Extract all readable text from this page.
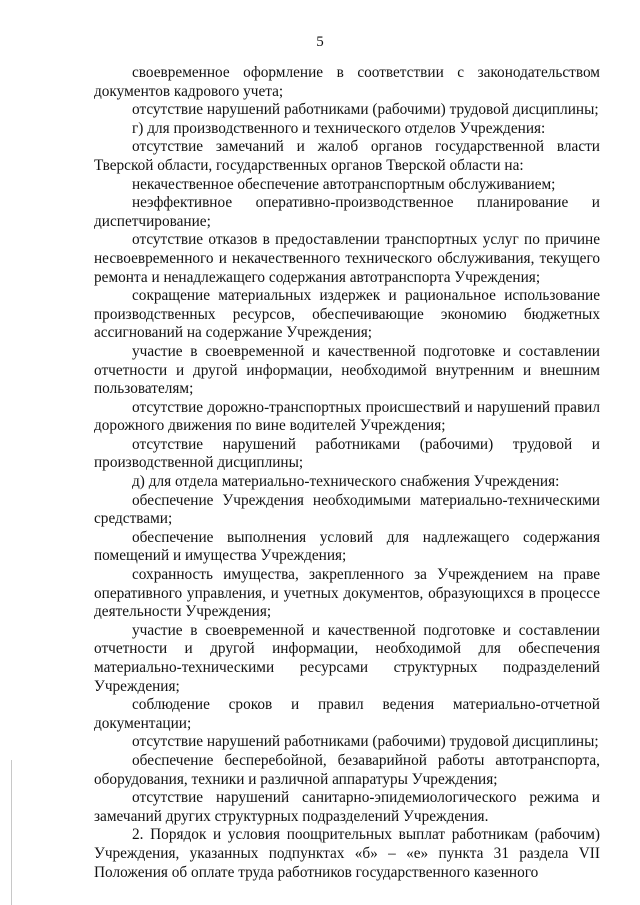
5

своевременное оформление в соответствии с законодательством документов кадрового учета;

отсутствие нарушений работниками (рабочими) трудовой дисциплины;

г) для производственного и технического отделов Учреждения:

отсутствие замечаний и жалоб органов государственной власти Тверской области, государственных органов Тверской области на:

некачественное обеспечение автотранспортным обслуживанием;

неэффективное оперативно-производственное планирование и диспетчирование;

отсутствие отказов в предоставлении транспортных услуг по причине несвоевременного и некачественного технического обслуживания, текущего ремонта и ненадлежащего содержания автотранспорта Учреждения;

сокращение материальных издержек и рациональное использование производственных ресурсов, обеспечивающие экономию бюджетных ассигнований на содержание Учреждения;

участие в своевременной и качественной подготовке и составлении отчетности и другой информации, необходимой внутренним и внешним пользователям;

отсутствие дорожно-транспортных происшествий и нарушений правил дорожного движения по вине водителей Учреждения;

отсутствие нарушений работниками (рабочими) трудовой и производственной дисциплины;

д) для отдела материально-технического снабжения Учреждения:

обеспечение Учреждения необходимыми материально-техническими средствами;

обеспечение выполнения условий для надлежащего содержания помещений и имущества Учреждения;

сохранность имущества, закрепленного за Учреждением на праве оперативного управления, и учетных документов, образующихся в процессе деятельности Учреждения;

участие в своевременной и качественной подготовке и составлении отчетности и другой информации, необходимой для обеспечения материально-техническими ресурсами структурных подразделений Учреждения;

соблюдение сроков и правил ведения материально-отчетной документации;

отсутствие нарушений работниками (рабочими) трудовой дисциплины;

обеспечение бесперебойной, безаварийной работы автотранспорта, оборудования, техники и различной аппаратуры Учреждения;

отсутствие нарушений санитарно-эпидемиологического режима и замечаний других структурных подразделений Учреждения.

2. Порядок и условия поощрительных выплат работникам (рабочим) Учреждения, указанных подпунктах «б» – «е» пункта 31 раздела VII Положения об оплате труда работников государственного казенного
